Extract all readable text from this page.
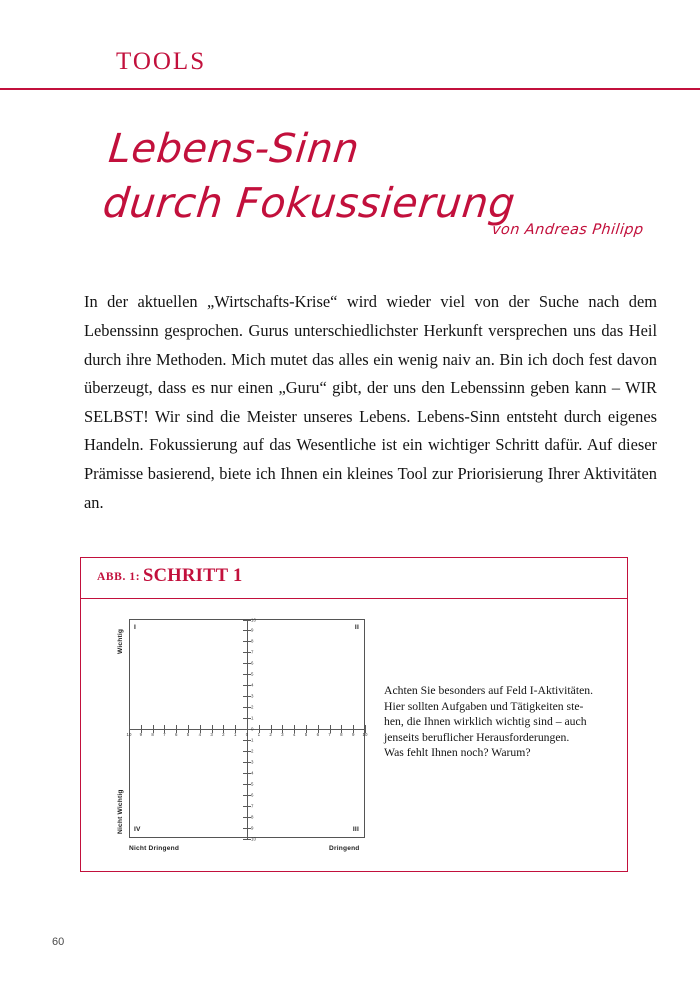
TOOLS
Lebens-Sinn
durch Fokussierung
von Andreas Philipp

In der aktuellen „Wirtschafts-Krise“ wird wieder viel von der Suche nach dem Lebenssinn gesprochen. Gurus unterschiedlichster Herkunft versprechen uns das Heil durch ihre Methoden. Mich mutet das alles ein wenig naiv an. Bin ich doch fest davon überzeugt, dass es nur einen „Guru“ gibt, der uns den Lebenssinn geben kann – WIR SELBST! Wir sind die Meister unseres Lebens. Lebens-Sinn entsteht durch eigenes Handeln. Fokussierung auf das Wesentliche ist ein wichtiger Schritt dafür. Auf dieser Prämisse basierend, biete ich Ihnen ein kleines Tool zur Priorisierung Ihrer Aktivitäten an.

ABB. 1: SCHRITT 1
Wichtig
Nicht Wichtig
Nicht Dringend	Dringend
10 9 8 7 6 5 4 3 2 1 0 1 2 3 4 5 6 7 8 9 10
10
9
8
7
6
5
4
3
2
1
0
1
2
3
4
5
6
7
8
9
10
I	II
III
IV
Achten Sie besonders auf Feld I-Aktivitäten.
Hier sollten Aufgaben und Tätigkeiten ste-
hen, die Ihnen wirklich wichtig sind – auch
jenseits beruflicher Herausforderungen.
Was fehlt Ihnen noch? Warum?
60
